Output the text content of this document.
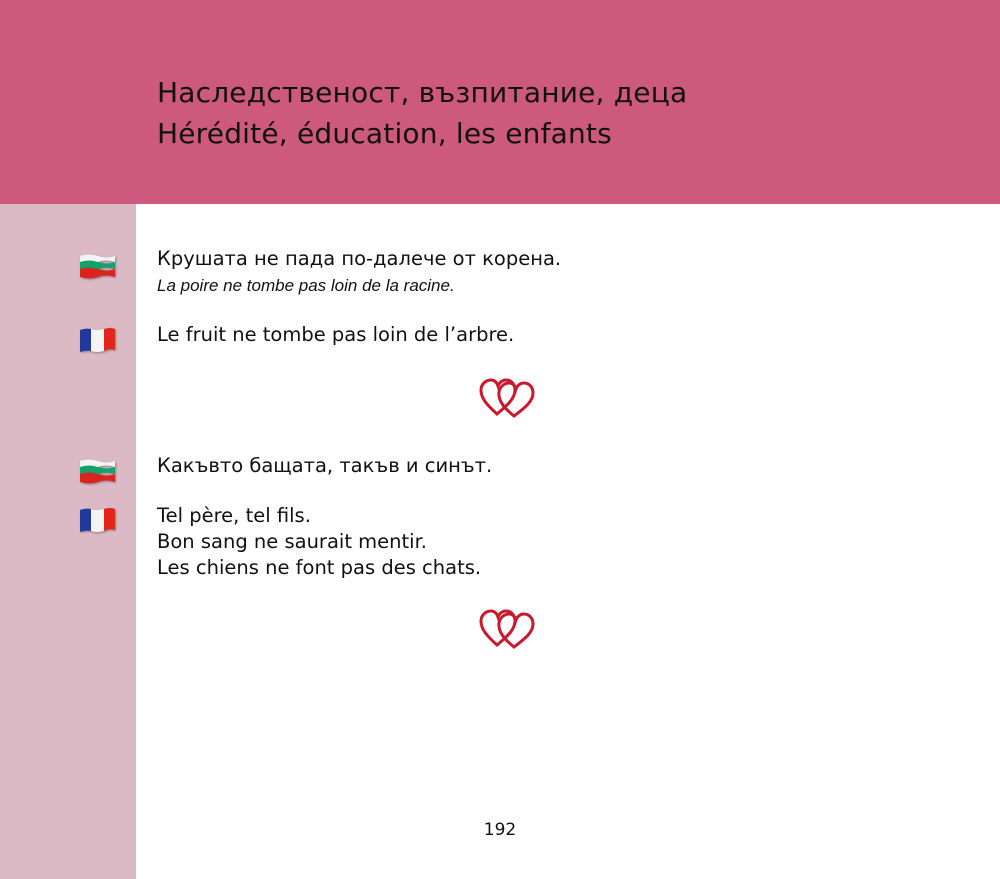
Наследственост, възпитание, деца
Hérédité, éducation, les enfants
Крушата не пада по-далече от корена.
La poire ne tombe pas loin de la racine.
Le fruit ne tombe pas loin de l’arbre.
Какъвто бащата, такъв и синът.
Tel père, tel fils.
Bon sang ne saurait mentir.
Les chiens ne font pas des chats.
192
